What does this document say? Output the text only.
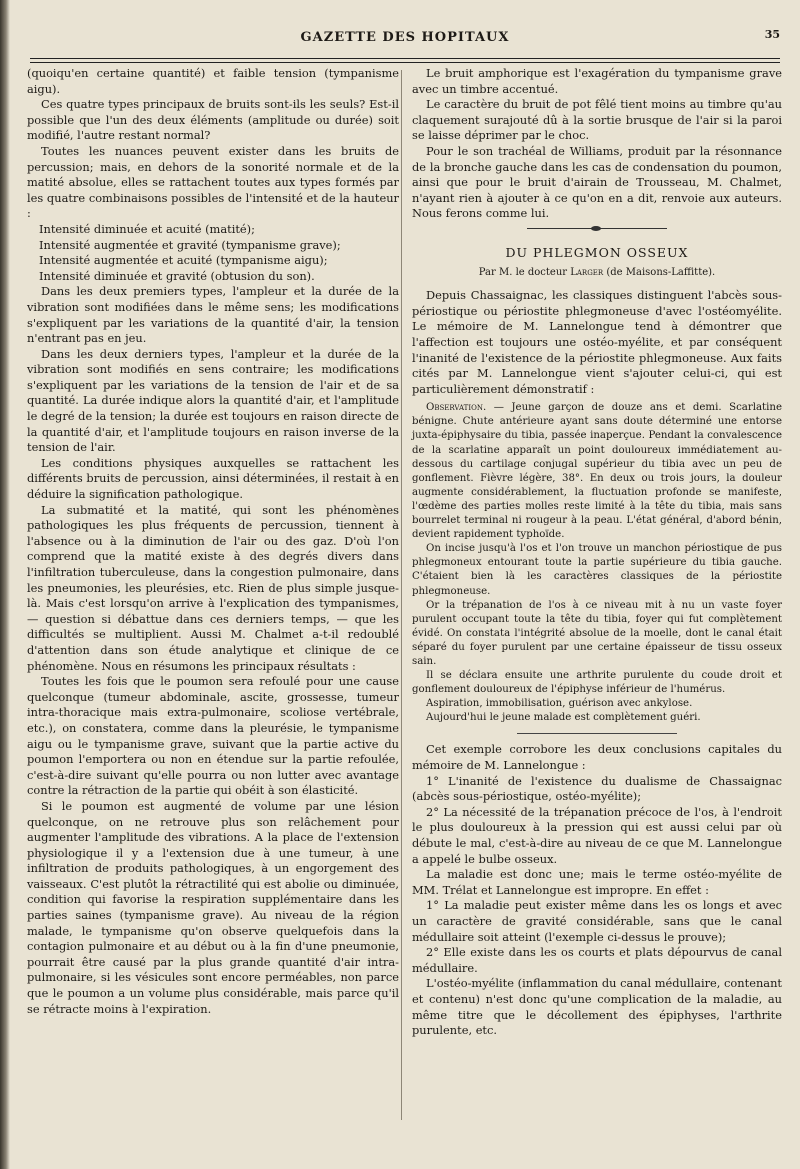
GAZETTE DES HOPITAUX	35

(quoiqu'en certaine quantité) et faible tension (tympanisme aigu).

Ces quatre types principaux de bruits sont-ils les seuls? Est-il possible que l'un des deux éléments (amplitude ou durée) soit modifié, l'autre restant normal?

Toutes les nuances peuvent exister dans les bruits de percussion; mais, en dehors de la sonorité normale et de la matité absolue, elles se rattachent toutes aux types formés par les quatre combinaisons possibles de l'intensité et de la hauteur :

Intensité diminuée et acuité (matité);

Intensité augmentée et gravité (tympanisme grave);

Intensité augmentée et acuité (tympanisme aigu);

Intensité diminuée et gravité (obtusion du son).

Dans les deux premiers types, l'ampleur et la durée de la vibration sont modifiées dans le même sens; les modifications s'expliquent par les variations de la quantité d'air, la tension n'entrant pas en jeu.

Dans les deux derniers types, l'ampleur et la durée de la vibration sont modifiés en sens contraire; les modifications s'expliquent par les variations de la tension de l'air et de sa quantité. La durée indique alors la quantité d'air, et l'amplitude le degré de la tension; la durée est toujours en raison directe de la quantité d'air, et l'amplitude toujours en raison inverse de la tension de l'air.

Les conditions physiques auxquelles se rattachent les différents bruits de percussion, ainsi déterminées, il restait à en déduire la signification pathologique.

La submatité et la matité, qui sont les phénomènes pathologiques les plus fréquents de percussion, tiennent à l'absence ou à la diminution de l'air ou des gaz. D'où l'on comprend que la matité existe à des degrés divers dans l'infiltration tuberculeuse, dans la congestion pulmonaire, dans les pneumonies, les pleurésies, etc. Rien de plus simple jusque-là. Mais c'est lorsqu'on arrive à l'explication des tympanismes, — question si débattue dans ces derniers temps, — que les difficultés se multiplient. Aussi M. Chalmet a-t-il redoublé d'attention dans son étude analytique et clinique de ce phénomène. Nous en résumons les principaux résultats :

Toutes les fois que le poumon sera refoulé pour une cause quelconque (tumeur abdominale, ascite, grossesse, tumeur intra-thoracique mais extra-pulmonaire, scoliose vertébrale, etc.), on constatera, comme dans la pleurésie, le tympanisme aigu ou le tympanisme grave, suivant que la partie active du poumon l'emportera ou non en étendue sur la partie refoulée, c'est-à-dire suivant qu'elle pourra ou non lutter avec avantage contre la rétraction de la partie qui obéit à son élasticité.

Si le poumon est augmenté de volume par une lésion quelconque, on ne retrouve plus son relâchement pour augmenter l'amplitude des vibrations. A la place de l'extension physiologique il y a l'extension due à une tumeur, à une infiltration de produits pathologiques, à un engorgement des vaisseaux. C'est plutôt la rétractilité qui est abolie ou diminuée, condition qui favorise la respiration supplémentaire dans les parties saines (tympanisme grave). Au niveau de la région malade, le tympanisme qu'on observe quelquefois dans la contagion pulmonaire et au début ou à la fin d'une pneumonie, pourrait être causé par la plus grande quantité d'air intra-pulmonaire, si les vésicules sont encore perméables, non parce que le poumon a un volume plus considérable, mais parce qu'il se rétracte moins à l'expiration.

Le bruit amphorique est l'exagération du tympanisme grave avec un timbre accentué.

Le caractère du bruit de pot fêlé tient moins au timbre qu'au claquement surajouté dû à la sortie brusque de l'air si la paroi se laisse déprimer par le choc.

Pour le son trachéal de Williams, produit par la résonnance de la bronche gauche dans les cas de condensation du poumon, ainsi que pour le bruit d'airain de Trousseau, M. Chalmet, n'ayant rien à ajouter à ce qu'on en a dit, renvoie aux auteurs. Nous ferons comme lui.

DU PHLEGMON OSSEUX
Par M. le docteur Larger (de Maisons-Laffitte).

Depuis Chassaignac, les classiques distinguent l'abcès sous-périostique ou périostite phlegmoneuse d'avec l'ostéomyélite. Le mémoire de M. Lannelongue tend à démontrer que l'affection est toujours une ostéo-myélite, et par conséquent l'inanité de l'existence de la périostite phlegmoneuse. Aux faits cités par M. Lannelongue vient s'ajouter celui-ci, qui est particulièrement démonstratif :

Observation. — Jeune garçon de douze ans et demi. Scarlatine bénigne. Chute antérieure ayant sans doute déterminé une entorse juxta-épiphysaire du tibia, passée inaperçue. Pendant la convalescence de la scarlatine apparaît un point douloureux immédiatement au-dessous du cartilage conjugal supérieur du tibia avec un peu de gonflement. Fièvre légère, 38°. En deux ou trois jours, la douleur augmente considérablement, la fluctuation profonde se manifeste, l'œdème des parties molles reste limité à la tête du tibia, mais sans bourrelet terminal ni rougeur à la peau. L'état général, d'abord bénin, devient rapidement typhoïde.

On incise jusqu'à l'os et l'on trouve un manchon périostique de pus phlegmoneux entourant toute la partie supérieure du tibia gauche. C'étaient bien là les caractères classiques de la périostite phlegmoneuse.

Or la trépanation de l'os à ce niveau mit à nu un vaste foyer purulent occupant toute la tête du tibia, foyer qui fut complètement évidé. On constata l'intégrité absolue de la moelle, dont le canal était séparé du foyer purulent par une certaine épaisseur de tissu osseux sain.

Il se déclara ensuite une arthrite purulente du coude droit et gonflement douloureux de l'épiphyse inférieur de l'humérus.

Aspiration, immobilisation, guérison avec ankylose.

Aujourd'hui le jeune malade est complètement guéri.

Cet exemple corrobore les deux conclusions capitales du mémoire de M. Lannelongue :

1° L'inanité de l'existence du dualisme de Chassaignac (abcès sous-périostique, ostéo-myélite);

2° La nécessité de la trépanation précoce de l'os, à l'endroit le plus douloureux à la pression qui est aussi celui par où débute le mal, c'est-à-dire au niveau de ce que M. Lannelongue a appelé le bulbe osseux.

La maladie est donc une; mais le terme ostéo-myélite de MM. Trélat et Lannelongue est impropre. En effet :

1° La maladie peut exister même dans les os longs et avec un caractère de gravité considérable, sans que le canal médullaire soit atteint (l'exemple ci-dessus le prouve);

2° Elle existe dans les os courts et plats dépourvus de canal médullaire.

L'ostéo-myélite (inflammation du canal médullaire, contenant et contenu) n'est donc qu'une complication de la maladie, au même titre que le décollement des épiphyses, l'arthrite purulente, etc.
